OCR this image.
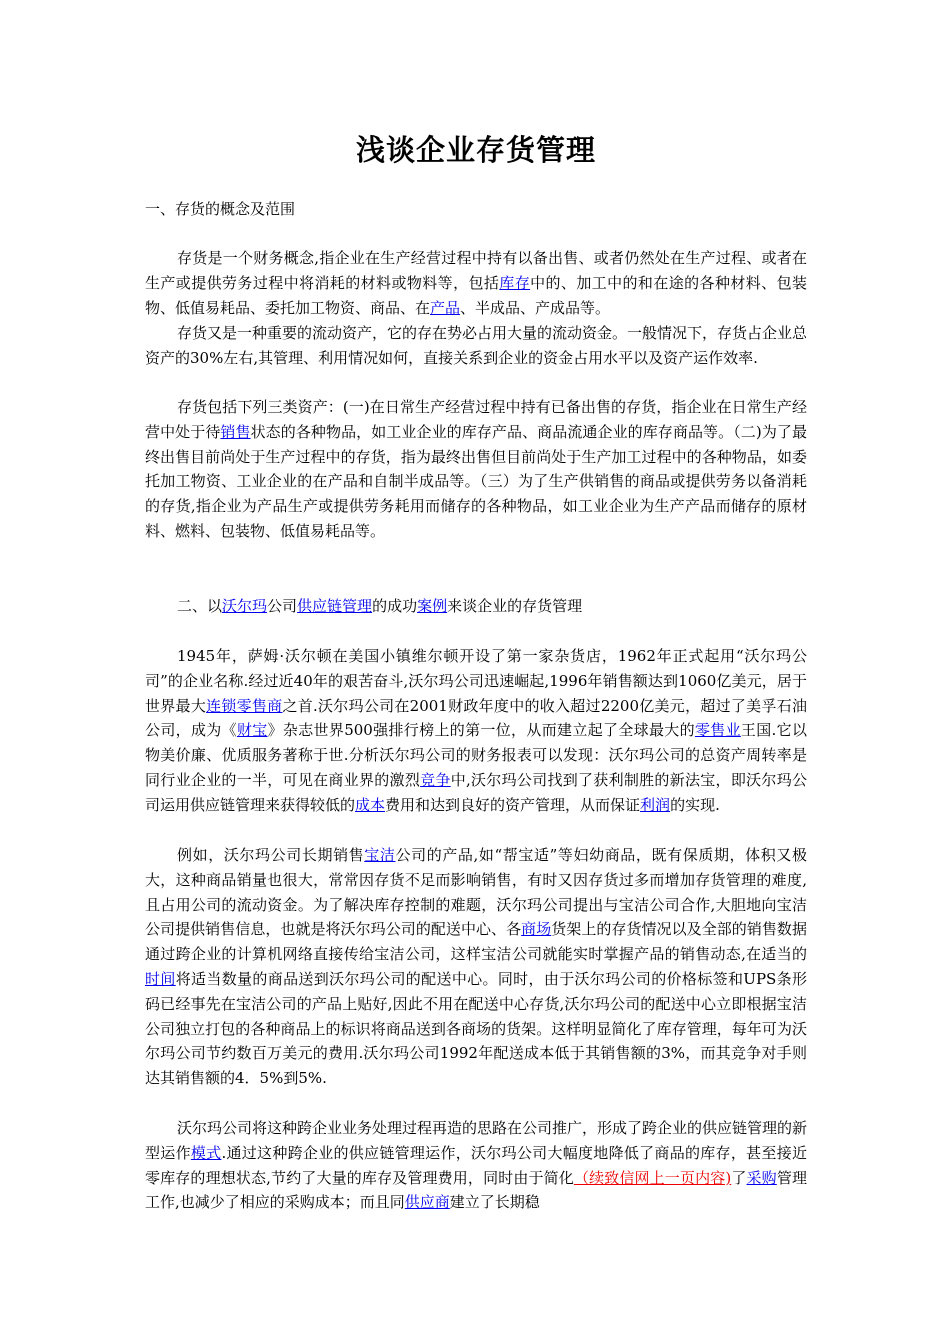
浅谈企业存货管理
一、存货的概念及范围
存货是一个财务概念,指企业在生产经营过程中持有以备出售、或者仍然处在生产过程、或者在生产或提供劳务过程中将消耗的材料或物料等，包括库存中的、加工中的和在途的各种材料、包装物、低值易耗品、委托加工物资、商品、在产品、半成品、产成品等。
存货又是一种重要的流动资产，它的存在势必占用大量的流动资金。一般情况下，存货占企业总资产的30%左右,其管理、利用情况如何，直接关系到企业的资金占用水平以及资产运作效率.
存货包括下列三类资产：(一)在日常生产经营过程中持有已备出售的存货，指企业在日常生产经营中处于待销售状态的各种物品，如工业企业的库存产品、商品流通企业的库存商品等。（二)为了最终出售目前尚处于生产过程中的存货，指为最终出售但目前尚处于生产加工过程中的各种物品，如委托加工物资、工业企业的在产品和自制半成品等。（三）为了生产供销售的商品或提供劳务以备消耗的存货,指企业为产品生产或提供劳务耗用而储存的各种物品，如工业企业为生产产品而储存的原材料、燃料、包装物、低值易耗品等。
二、以沃尔玛公司供应链管理的成功案例来谈企业的存货管理
1945年，萨姆·沃尔顿在美国小镇维尔顿开设了第一家杂货店，1962年正式起用“沃尔玛公司”的企业名称.经过近40年的艰苦奋斗,沃尔玛公司迅速崛起,1996年销售额达到1060亿美元，居于世界最大连锁零售商之首.沃尔玛公司在2001财政年度中的收入超过2200亿美元，超过了美孚石油公司，成为《财宝》杂志世界500强排行榜上的第一位，从而建立起了全球最大的零售业王国.它以物美价廉、优质服务著称于世.分析沃尔玛公司的财务报表可以发现：沃尔玛公司的总资产周转率是同行业企业的一半，可见在商业界的激烈竞争中,沃尔玛公司找到了获利制胜的新法宝，即沃尔玛公司运用供应链管理来获得较低的成本费用和达到良好的资产管理，从而保证利润的实现.
例如，沃尔玛公司长期销售宝洁公司的产品,如“帮宝适”等妇幼商品，既有保质期，体积又极大，这种商品销量也很大，常常因存货不足而影响销售，有时又因存货过多而增加存货管理的难度,且占用公司的流动资金。为了解决库存控制的难题，沃尔玛公司提出与宝洁公司合作,大胆地向宝洁公司提供销售信息，也就是将沃尔玛公司的配送中心、各商场货架上的存货情况以及全部的销售数据通过跨企业的计算机网络直接传给宝洁公司，这样宝洁公司就能实时掌握产品的销售动态,在适当的时间将适当数量的商品送到沃尔玛公司的配送中心。同时，由于沃尔玛公司的价格标签和UPS条形码已经事先在宝洁公司的产品上贴好,因此不用在配送中心存货,沃尔玛公司的配送中心立即根据宝洁公司独立打包的各种商品上的标识将商品送到各商场的货架。这样明显简化了库存管理，每年可为沃尔玛公司节约数百万美元的费用.沃尔玛公司1992年配送成本低于其销售额的3%，而其竞争对手则达其销售额的4．5%到5%.
沃尔玛公司将这种跨企业业务处理过程再造的思路在公司推广，形成了跨企业的供应链管理的新型运作模式.通过这种跨企业的供应链管理运作，沃尔玛公司大幅度地降低了商品的库存，甚至接近零库存的理想状态,节约了大量的库存及管理费用，同时由于简化（续致信网上一页内容)了采购管理工作,也减少了相应的采购成本；而且同供应商建立了长期稳
